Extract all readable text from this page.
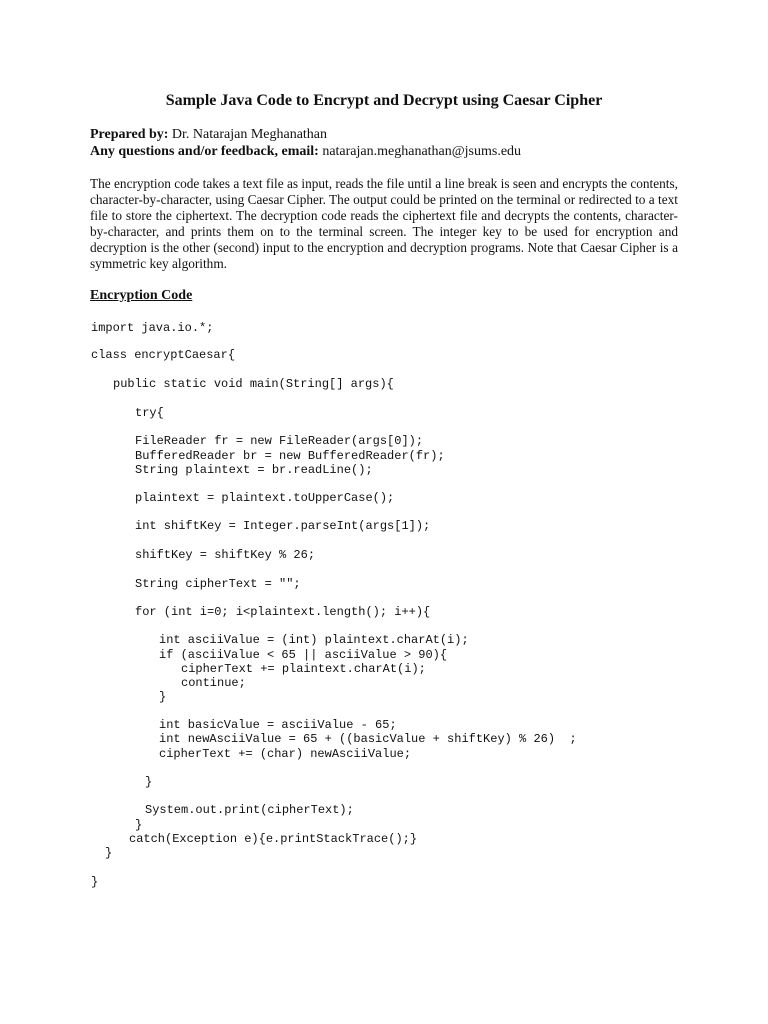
Sample Java Code to Encrypt and Decrypt using Caesar Cipher
Prepared by: Dr. Natarajan Meghanathan
Any questions and/or feedback, email: natarajan.meghanathan@jsums.edu

The encryption code takes a text file as input, reads the file until a line break is seen and encrypts the contents, character-by-character, using Caesar Cipher. The output could be printed on the terminal or redirected to a text file to store the ciphertext. The decryption code reads the ciphertext file and decrypts the contents, character-by-character, and prints them on to the terminal screen. The integer key to be used for encryption and decryption is the other (second) input to the encryption and decryption programs. Note that Caesar Cipher is a symmetric key algorithm.

Encryption Code
import java.io.*;
class encryptCaesar{
public static void main(String[] args){
try{
FileReader fr = new FileReader(args[0]);
BufferedReader br = new BufferedReader(fr);
String plaintext = br.readLine();
plaintext = plaintext.toUpperCase();
int shiftKey = Integer.parseInt(args[1]);
shiftKey = shiftKey % 26;
String cipherText = "";
for (int i=0; i<plaintext.length(); i++){
int asciiValue = (int) plaintext.charAt(i);
if (asciiValue < 65 || asciiValue > 90){
cipherText += plaintext.charAt(i);
continue;
}
int basicValue = asciiValue - 65;
int newAsciiValue = 65 + ((basicValue + shiftKey) % 26)  ;
cipherText += (char) newAsciiValue;
}
System.out.print(cipherText);
}
catch(Exception e){e.printStackTrace();}
}
}
